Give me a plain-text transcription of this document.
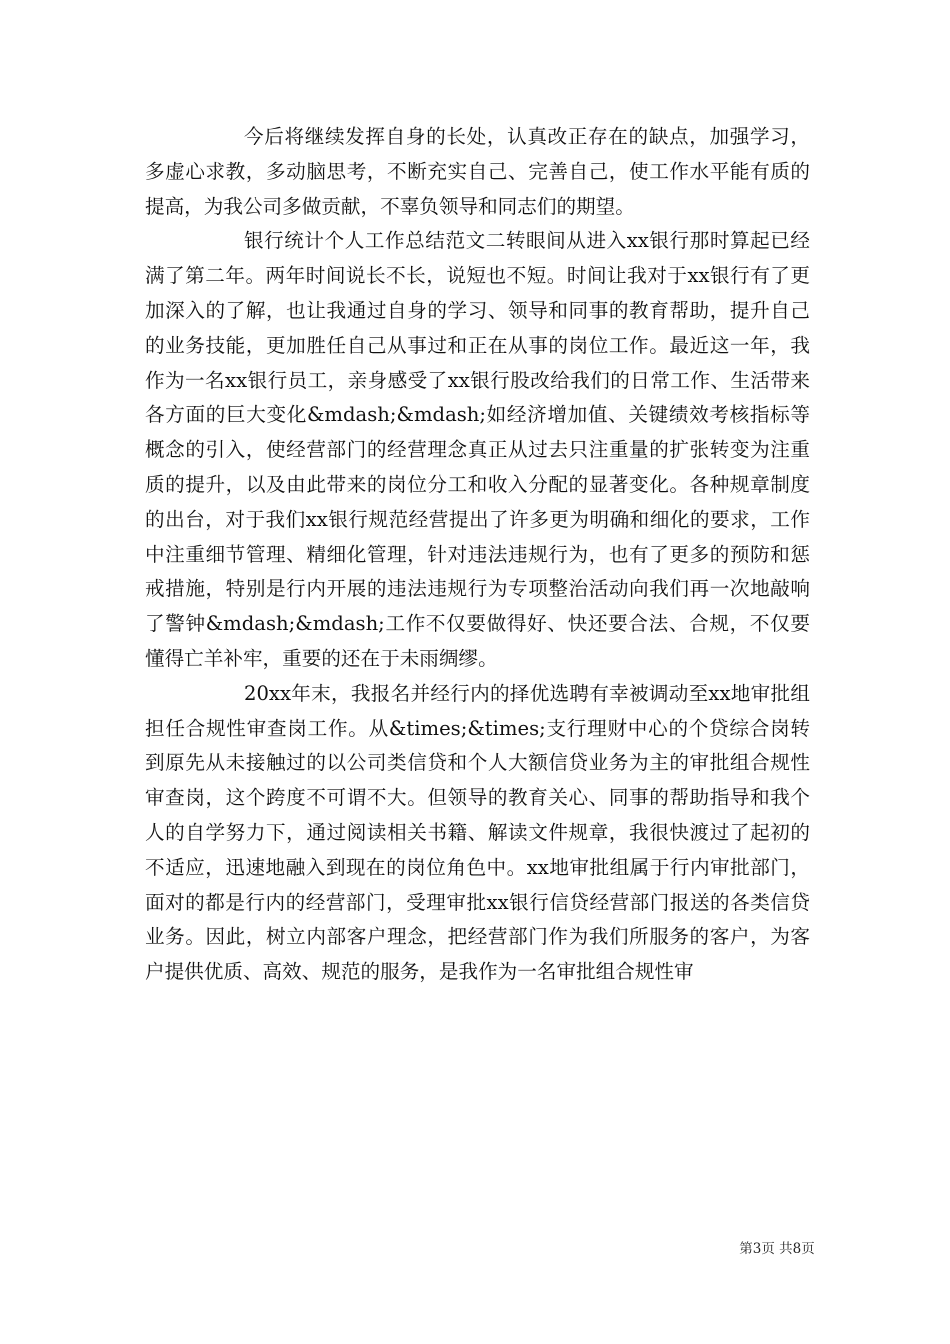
今后将继续发挥自身的长处，认真改正存在的缺点，加强学习，多虚心求教，多动脑思考，不断充实自己、完善自己，使工作水平能有质的提高，为我公司多做贡献，不辜负领导和同志们的期望。

银行统计个人工作总结范文二转眼间从进入xx银行那时算起已经满了第二年。两年时间说长不长，说短也不短。时间让我对于xx银行有了更加深入的了解，也让我通过自身的学习、领导和同事的教育帮助，提升自己的业务技能，更加胜任自己从事过和正在从事的岗位工作。最近这一年，我作为一名xx银行员工，亲身感受了xx银行股改给我们的日常工作、生活带来各方面的巨大变化&mdash;&mdash;如经济增加值、关键绩效考核指标等概念的引入，使经营部门的经营理念真正从过去只注重量的扩张转变为注重质的提升，以及由此带来的岗位分工和收入分配的显著变化。各种规章制度的出台，对于我们xx银行规范经营提出了许多更为明确和细化的要求，工作中注重细节管理、精细化管理，针对违法违规行为，也有了更多的预防和惩戒措施，特别是行内开展的违法违规行为专项整治活动向我们再一次地敲响了警钟&mdash;&mdash;工作不仅要做得好、快还要合法、合规，不仅要懂得亡羊补牢，重要的还在于未雨绸缪。

20xx年末，我报名并经行内的择优选聘有幸被调动至xx地审批组担任合规性审查岗工作。从&times;&times;支行理财中心的个贷综合岗转到原先从未接触过的以公司类信贷和个人大额信贷业务为主的审批组合规性审查岗，这个跨度不可谓不大。但领导的教育关心、同事的帮助指导和我个人的自学努力下，通过阅读相关书籍、解读文件规章，我很快渡过了起初的不适应，迅速地融入到现在的岗位角色中。xx地审批组属于行内审批部门，面对的都是行内的经营部门，受理审批xx银行信贷经营部门报送的各类信贷业务。因此，树立内部客户理念，把经营部门作为我们所服务的客户，为客户提供优质、高效、规范的服务，是我作为一名审批组合规性审

第3页 共8页
